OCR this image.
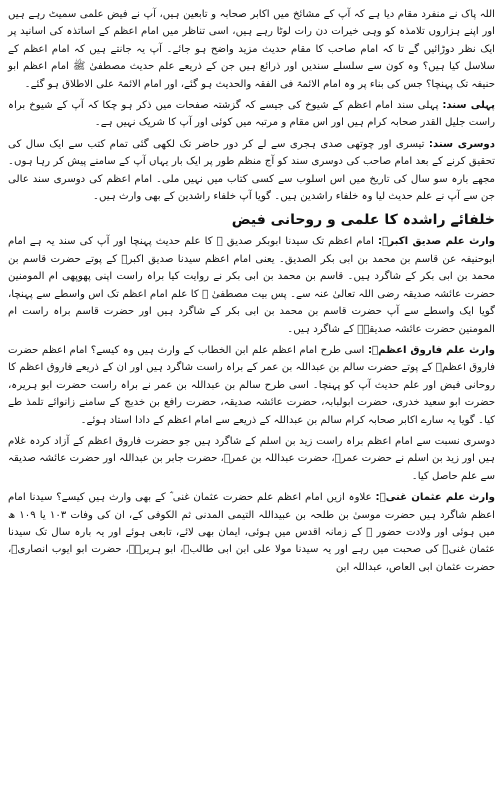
اللہ پاک نے منفرد مقام دیا ہے کہ آپ کے مشائخ میں اکابر صحابہ و تابعین ہیں، آپ نے فیض علمی سمیٹ رہے ہیں اور اپنے ہزاروں تلامذہ کو وہی خیرات دن رات لوٹا رہے ہیں، اسی تناظر میں امام اعظم کے اساتذہ کی اسانید پر ایک نظر دوڑائیں گے تا کہ امام صاحب کا مقام حدیث مزید واضح ہو جائے۔ آپ یہ جانتے ہیں کہ امام اعظم کے سلاسل کیا ہیں؟ وہ کون سے سلسلے سندیں اور ذرائع ہیں جن کے ذریعے علم حدیث مصطفیٰ ﷺ امام اعظم ابو حنیفہ تک پہنچا؟ جس کی بناء پر وہ امام الائمۃ فی الفقہ والحدیث ہو گئے، اور امام الائمۃ علی الاطلاق ہو گئے۔

پہلی سند: پہلی سند امام اعظم کے شیوخ کی جیسے کہ گزشتہ صفحات میں ذکر ہو چکا کہ آپ کے شیوخ براہ راست جلیل القدر صحابہ کرام ہیں اور اس مقام و مرتبہ میں کوئی اور آپ کا شریک نہیں ہے۔

دوسری سند: تیسری اور چوتھی صدی ہجری سے لے کر دور حاضر تک لکھی گئی تمام کتب سے ایک سال کی تحقیق کرنے کے بعد امام صاحب کی دوسری سند کو آج منظم طور پر ایک بار یہاں آپ کے سامنے پیش کر رہا ہوں۔ مجھے بارہ سو سال کی تاریخ میں اس اسلوب سے کسی کتاب میں نہیں ملی۔ امام اعظم کی دوسری سند عالی جن سے آپ نے علم حدیث لیا وہ خلفاء راشدین ہیں۔ گویا آپ خلفاء راشدین کے بھی وارث ہیں۔

خلفائے راشدہ کا علمی و روحانی فیض

وارث علم صدیق اکبرؓ: امام اعظم تک سیدنا ابوبکر صدیق ؓ کا علم حدیث پہنچا اور آپ کی سند یہ ہے امام ابوحنیفہ عن قاسم بن محمد بن ابی بکر الصدیق۔ یعنی امام اعظم سیدنا صدیق اکبرؓ کے پوتے حضرت قاسم بن محمد بن ابی بکر کے شاگرد ہیں۔ قاسم بن محمد بن ابی بکر نے روایت کیا براہ راست اپنی پھوپھی ام المومنین حضرت عائشہ صدیقہ رضی اللہ تعالیٰ عنہ سے۔ پس بیت مصطفیٰ ﷺ کا علم امام اعظم تک اس واسطے سے پہنچا، گویا ایک واسطے سے آپ حضرت قاسم بن محمد بن ابی بکر کے شاگرد ہیں اور حضرت قاسم براہ راست ام المومنین حضرت عائشہ صدیقہؓ کے شاگرد ہیں۔

وارث علم فاروق اعظمؓ: اسی طرح امام اعظم علم ابن الخطاب کے وارث ہیں وہ کیسے؟ امام اعظم حضرت فاروق اعظمؓ کے پوتے حضرت سالم بن عبداللہ بن عمر کے براہ راست شاگرد ہیں اور ان کے ذریعے فاروق اعظم کا روحانی فیض اور علم حدیث آپ کو پہنچا۔ اسی طرح سالم بن عبداللہ بن عمر نے براہ راست حضرت ابو ہریرہ، حضرت ابو سعید خدری، حضرت ابولبابہ، حضرت عائشہ صدیقہ، حضرت رافع بن خدیج کے سامنے زانوائے تلمذ طے کیا۔ گویا یہ سارے اکابر صحابہ کرام سالم بن عبداللہ کے ذریعے سے امام اعظم کے دادا استاد ہوئے۔

دوسری نسبت سے امام اعظم براہ راست زید بن اسلم کے شاگرد ہیں جو حضرت فاروق اعظم کے آزاد کردہ غلام ہیں اور زید بن اسلم نے حضرت عمرؓ، حضرت عبداللہ بن عمرؓ، حضرت جابر بن عبداللہ اور حضرت عائشہ صدیقہ سے علم حاصل کیا۔

وارث علم عثمان غنیؓ: علاوہ ازیں امام اعظم علم حضرت عثمان غنی ؓ کے بھی وارث ہیں کیسے؟ سیدنا امام اعظم شاگرد ہیں حضرت موسیٰ بن طلحہ بن عبیداللہ التیمی المدنی ثم الکوفی کے، ان کی وفات ۱۰۳ یا ۱۰۹ ھ میں ہوئی اور ولادت حضور ﷺ کے زمانہ اقدس میں ہوئی، ایمان بھی لائے، تابعی ہوئے اور یہ بارہ سال تک سیدنا عثمان غنیؓ کی صحبت میں رہے اور یہ سیدنا مولا علی ابن ابی طالبؓ، ابو ہریرہؓ، حضرت ابو ایوب انصاریؓ، حضرت عثمان ابی العاص، عبداللہ ابن
